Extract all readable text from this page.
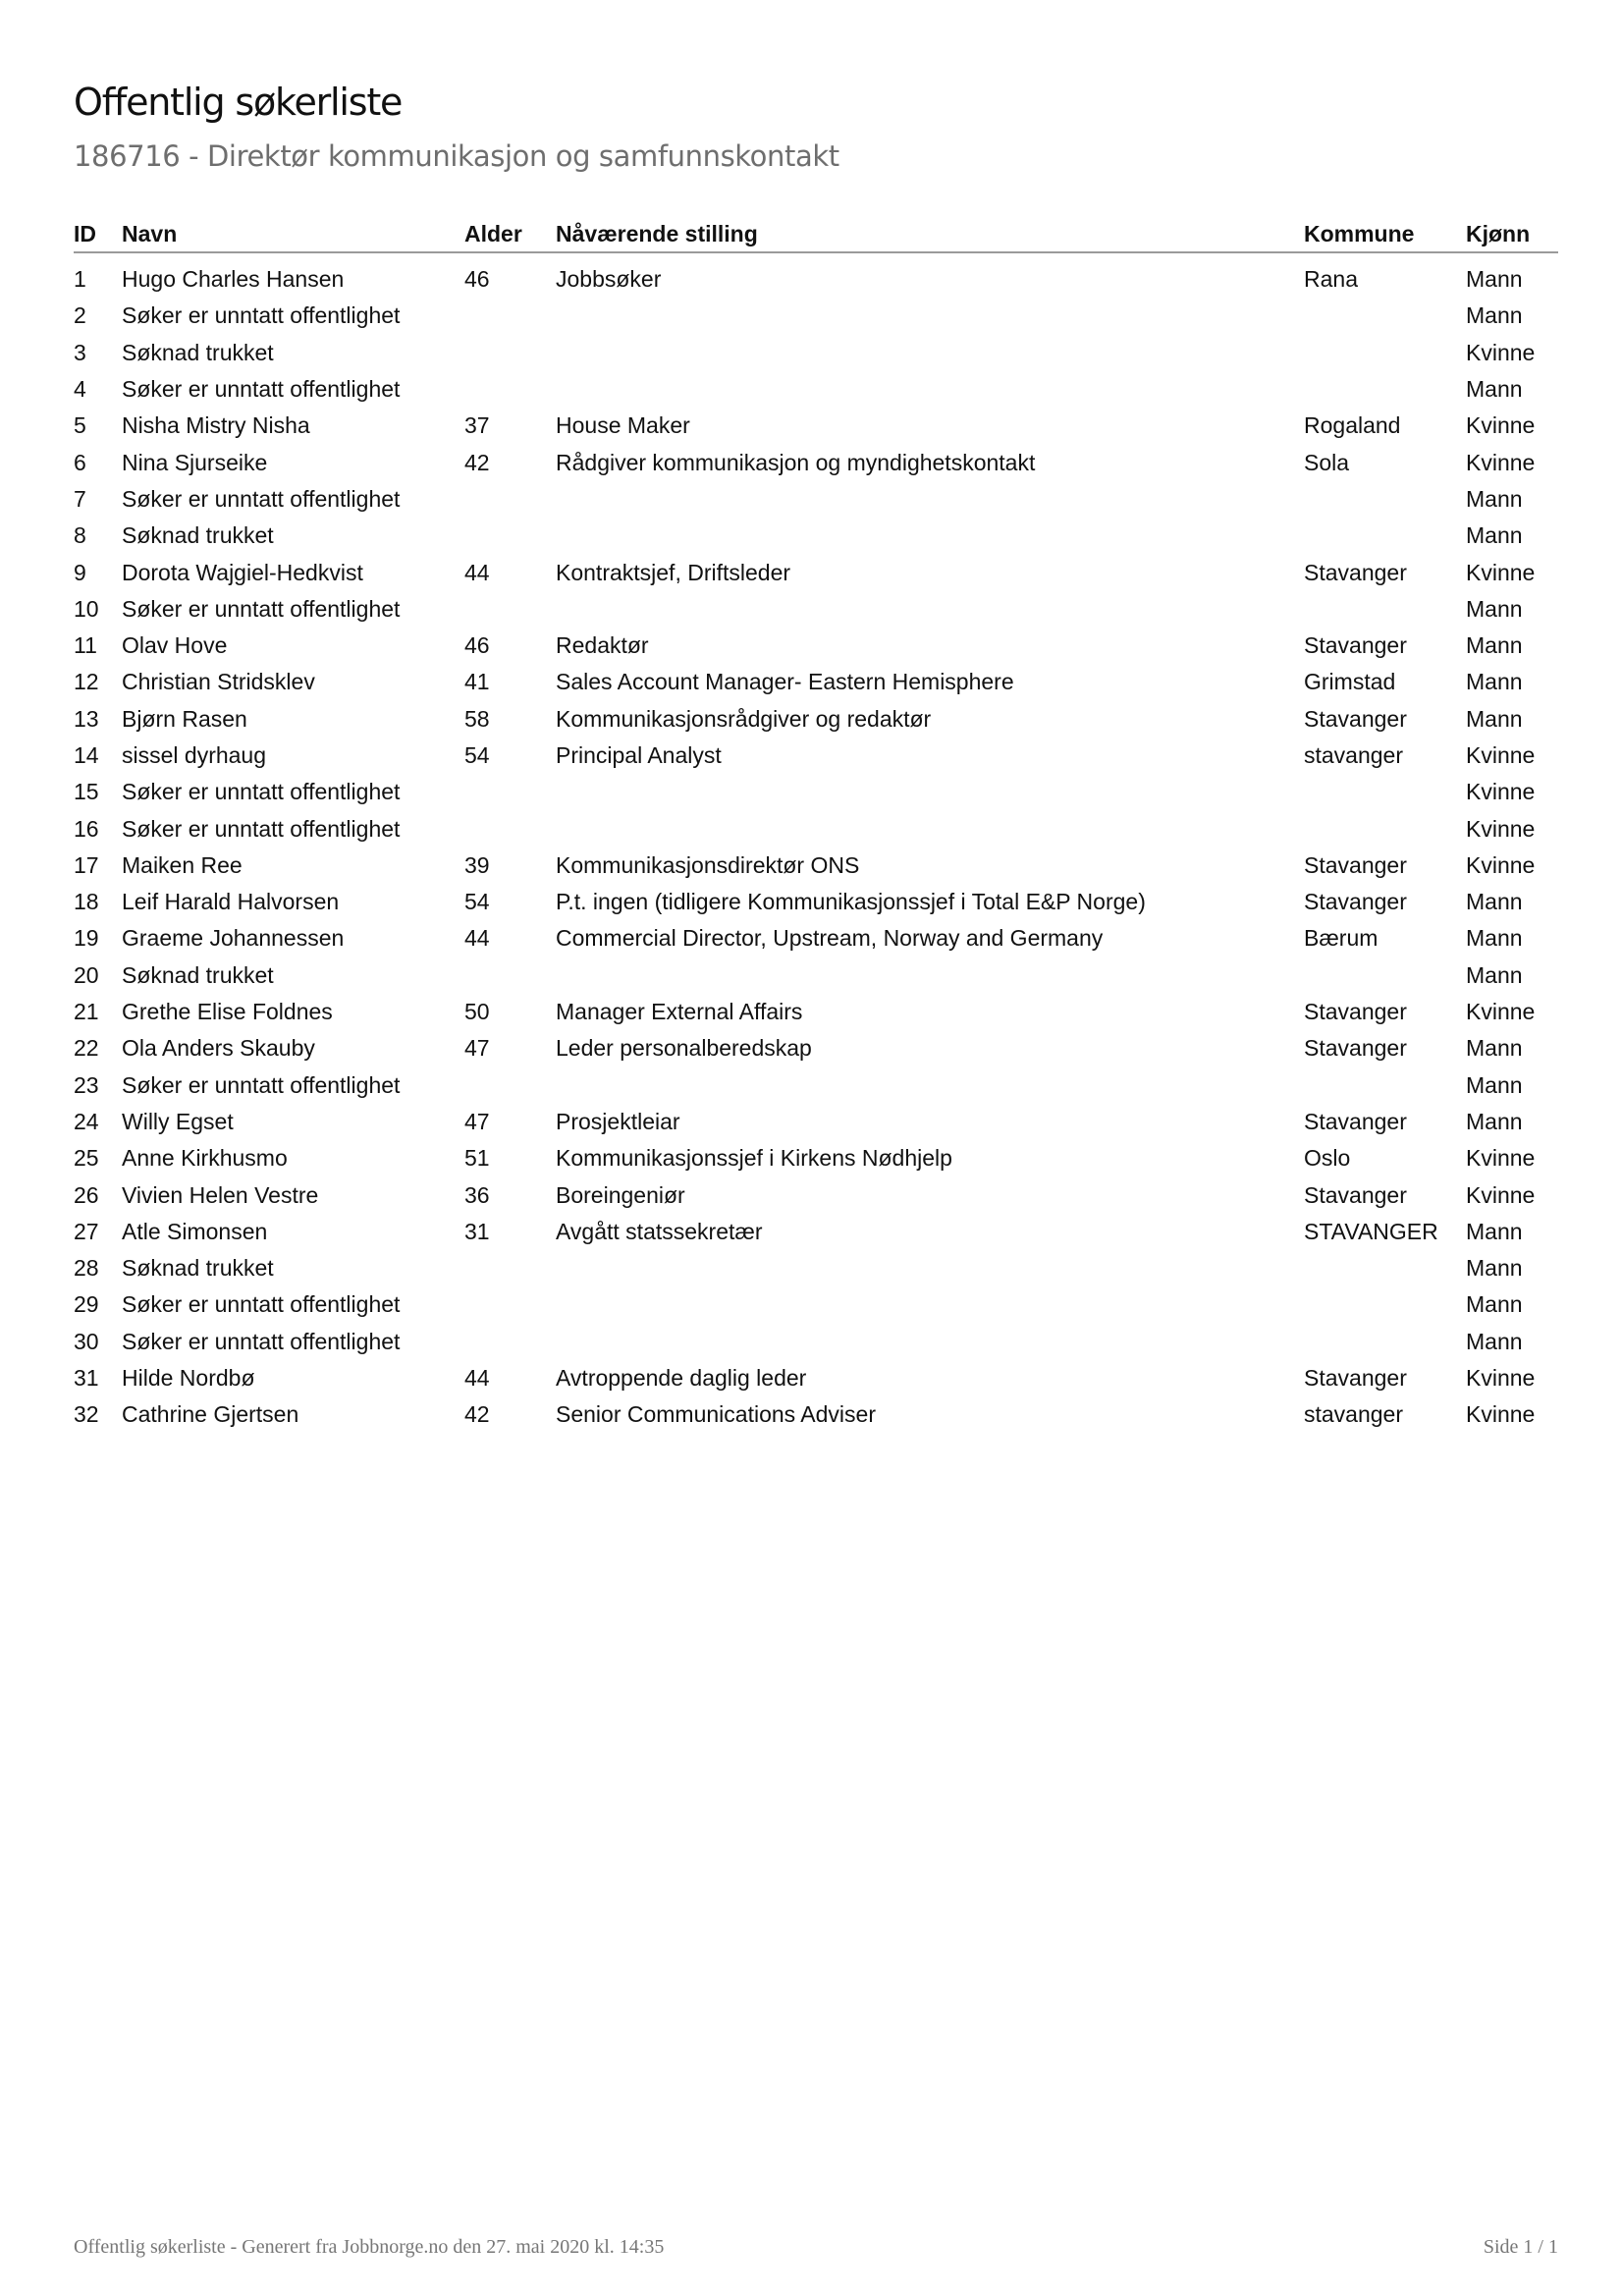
Offentlig søkerliste
186716 - Direktør kommunikasjon og samfunnskontakt
ID	Navn	Alder	Nåværende stilling	Kommune	Kjønn
1	Hugo Charles Hansen	46	Jobbsøker	Rana	Mann
2	Søker er unntatt offentlighet				Mann
3	Søknad trukket				Kvinne
4	Søker er unntatt offentlighet				Mann
5	Nisha Mistry Nisha	37	House Maker	Rogaland	Kvinne
6	Nina Sjurseike	42	Rådgiver kommunikasjon og myndighetskontakt	Sola	Kvinne
7	Søker er unntatt offentlighet				Mann
8	Søknad trukket				Mann
9	Dorota Wajgiel-Hedkvist	44	Kontraktsjef, Driftsleder	Stavanger	Kvinne
10	Søker er unntatt offentlighet				Mann
11	Olav Hove	46	Redaktør	Stavanger	Mann
12	Christian Stridsklev	41	Sales Account Manager- Eastern Hemisphere	Grimstad	Mann
13	Bjørn Rasen	58	Kommunikasjonsrådgiver og redaktør	Stavanger	Mann
14	sissel dyrhaug	54	Principal Analyst	stavanger	Kvinne
15	Søker er unntatt offentlighet				Kvinne
16	Søker er unntatt offentlighet				Kvinne
17	Maiken Ree	39	Kommunikasjonsdirektør ONS	Stavanger	Kvinne
18	Leif Harald Halvorsen	54	P.t. ingen (tidligere Kommunikasjonssjef i Total E&P Norge)	Stavanger	Mann
19	Graeme Johannessen	44	Commercial Director, Upstream, Norway and Germany	Bærum	Mann
20	Søknad trukket				Mann
21	Grethe Elise Foldnes	50	Manager External Affairs	Stavanger	Kvinne
22	Ola Anders Skauby	47	Leder personalberedskap	Stavanger	Mann
23	Søker er unntatt offentlighet				Mann
24	Willy Egset	47	Prosjektleiar	Stavanger	Mann
25	Anne Kirkhusmo	51	Kommunikasjonssjef i Kirkens Nødhjelp	Oslo	Kvinne
26	Vivien Helen Vestre	36	Boreingeniør	Stavanger	Kvinne
27	Atle Simonsen	31	Avgått statssekretær	STAVANGER	Mann
28	Søknad trukket				Mann
29	Søker er unntatt offentlighet				Mann
30	Søker er unntatt offentlighet				Mann
31	Hilde Nordbø	44	Avtroppende daglig leder	Stavanger	Kvinne
32	Cathrine Gjertsen	42	Senior Communications Adviser	stavanger	Kvinne
Offentlig søkerliste - Generert fra Jobbnorge.no den 27. mai 2020 kl. 14:35	Side 1 / 1
